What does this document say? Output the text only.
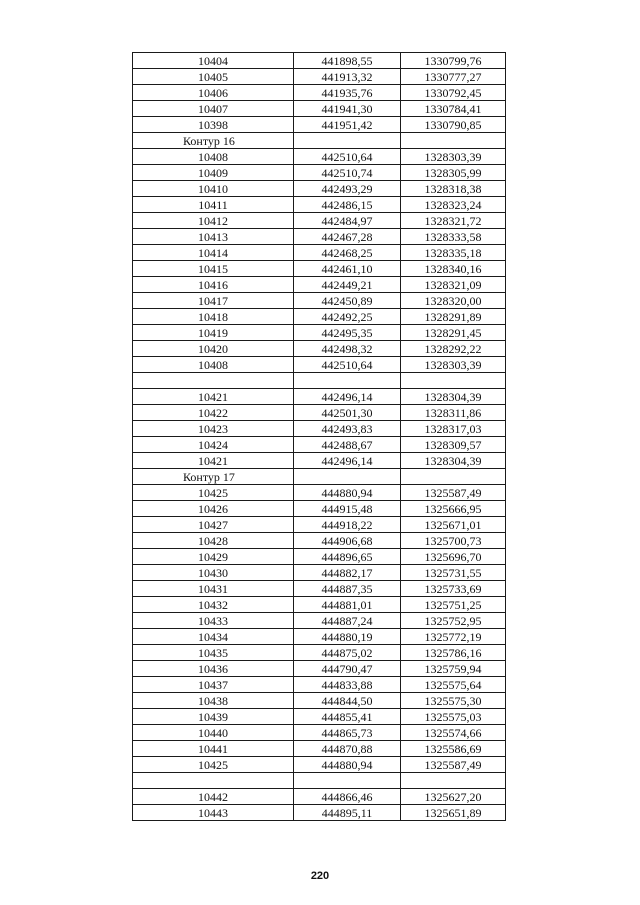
10404	441898,55	1330799,76
10405	441913,32	1330777,27
10406	441935,76	1330792,45
10407	441941,30	1330784,41
10398	441951,42	1330790,85
Контур 16		
10408	442510,64	1328303,39
10409	442510,74	1328305,99
10410	442493,29	1328318,38
10411	442486,15	1328323,24
10412	442484,97	1328321,72
10413	442467,28	1328333,58
10414	442468,25	1328335,18
10415	442461,10	1328340,16
10416	442449,21	1328321,09
10417	442450,89	1328320,00
10418	442492,25	1328291,89
10419	442495,35	1328291,45
10420	442498,32	1328292,22
10408	442510,64	1328303,39

10421	442496,14	1328304,39
10422	442501,30	1328311,86
10423	442493,83	1328317,03
10424	442488,67	1328309,57
10421	442496,14	1328304,39
Контур 17		
10425	444880,94	1325587,49
10426	444915,48	1325666,95
10427	444918,22	1325671,01
10428	444906,68	1325700,73
10429	444896,65	1325696,70
10430	444882,17	1325731,55
10431	444887,35	1325733,69
10432	444881,01	1325751,25
10433	444887,24	1325752,95
10434	444880,19	1325772,19
10435	444875,02	1325786,16
10436	444790,47	1325759,94
10437	444833,88	1325575,64
10438	444844,50	1325575,30
10439	444855,41	1325575,03
10440	444865,73	1325574,66
10441	444870,88	1325586,69
10425	444880,94	1325587,49

10442	444866,46	1325627,20
10443	444895,11	1325651,89
220
